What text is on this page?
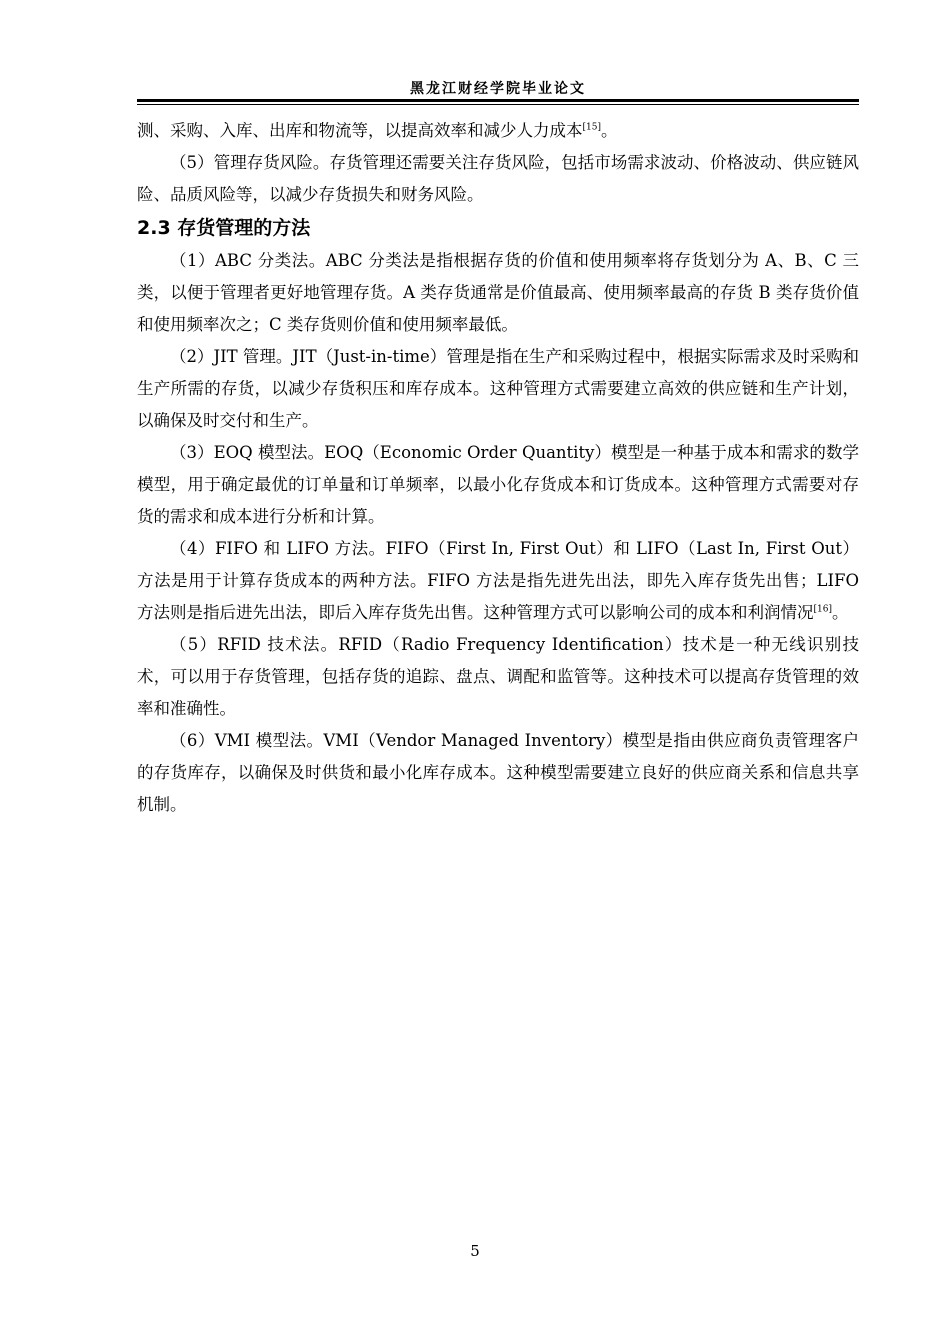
黑龙江财经学院毕业论文

测、采购、入库、出库和物流等，以提高效率和减少人力成本[15]。

（5）管理存货风险。存货管理还需要关注存货风险，包括市场需求波动、价格波动、供应链风险、品质风险等，以减少存货损失和财务风险。

2.3 存货管理的方法

（1）ABC 分类法。ABC 分类法是指根据存货的价值和使用频率将存货划分为 A、B、C 三类，以便于管理者更好地管理存货。A 类存货通常是价值最高、使用频率最高的存货 B 类存货价值和使用频率次之；C 类存货则价值和使用频率最低。

（2）JIT 管理。JIT（Just-in-time）管理是指在生产和采购过程中，根据实际需求及时采购和生产所需的存货，以减少存货积压和库存成本。这种管理方式需要建立高效的供应链和生产计划，以确保及时交付和生产。

（3）EOQ 模型法。EOQ（Economic Order Quantity）模型是一种基于成本和需求的数学模型，用于确定最优的订单量和订单频率，以最小化存货成本和订货成本。这种管理方式需要对存货的需求和成本进行分析和计算。

（4）FIFO 和 LIFO 方法。FIFO（First In, First Out）和 LIFO（Last In, First Out）方法是用于计算存货成本的两种方法。FIFO 方法是指先进先出法，即先入库存货先出售；LIFO 方法则是指后进先出法，即后入库存货先出售。这种管理方式可以影响公司的成本和利润情况[16]。

（5）RFID 技术法。RFID（Radio Frequency Identification）技术是一种无线识别技术，可以用于存货管理，包括存货的追踪、盘点、调配和监管等。这种技术可以提高存货管理的效率和准确性。

（6）VMI 模型法。VMI（Vendor Managed Inventory）模型是指由供应商负责管理客户的存货库存，以确保及时供货和最小化库存成本。这种模型需要建立良好的供应商关系和信息共享机制。

5
